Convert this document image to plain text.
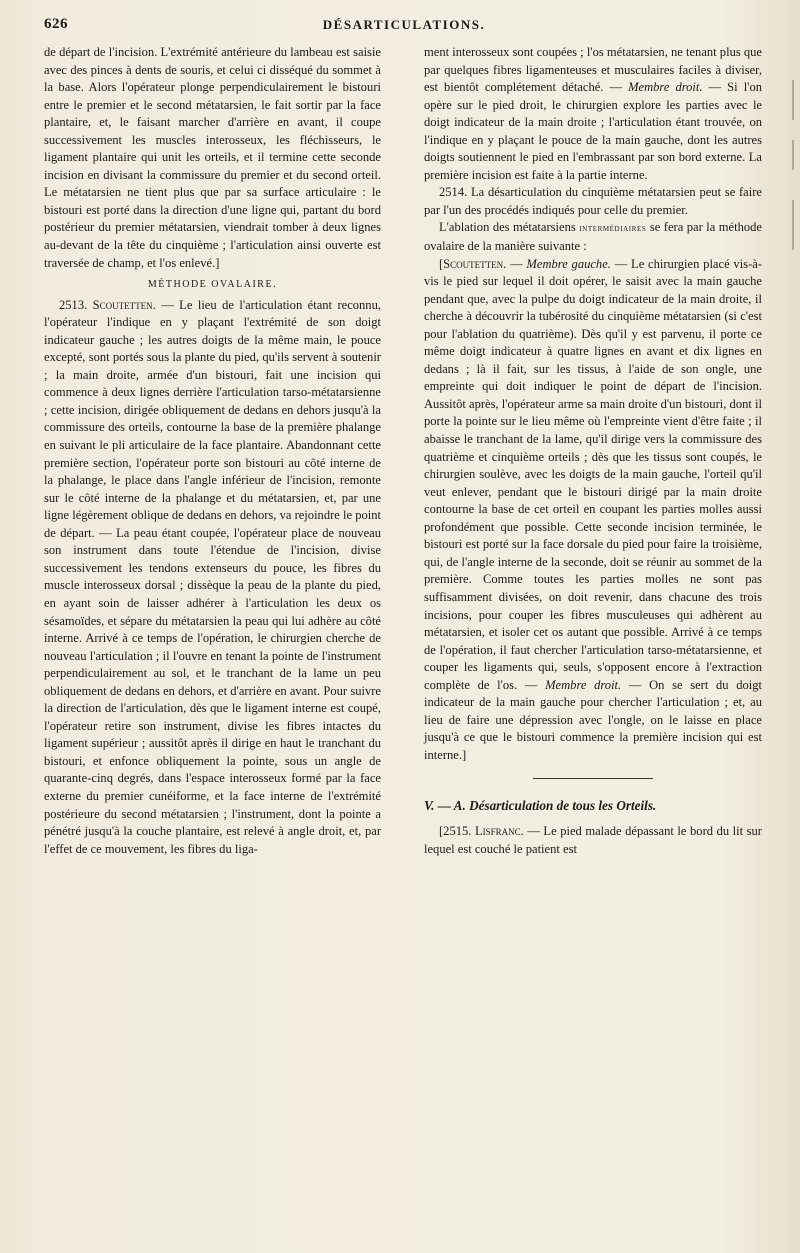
626	DÉSARTICULATIONS.

de départ de l'incision. L'extrémité antérieure du lambeau est saisie avec des pinces à dents de souris, et celui ci disséqué du sommet à la base. Alors l'opérateur plonge perpendiculairement le bistouri entre le premier et le second métatarsien, le fait sortir par la face plantaire, et, le faisant marcher d'arrière en avant, il coupe successivement les muscles interosseux, les fléchisseurs, le ligament plantaire qui unit les orteils, et il termine cette seconde incision en divisant la commissure du premier et du second orteil. Le métatarsien ne tient plus que par sa surface articulaire : le bistouri est porté dans la direction d'une ligne qui, partant du bord postérieur du premier métatarsien, viendrait tomber à deux lignes au-devant de la tête du cinquième ; l'articulation ainsi ouverte est traversée de champ, et l'os enlevé.]

MÉTHODE OVALAIRE.

2513. Scoutetten. — Le lieu de l'articulation étant reconnu, l'opérateur l'indique en y plaçant l'extrémité de son doigt indicateur gauche ; les autres doigts de la même main, le pouce excepté, sont portés sous la plante du pied, qu'ils servent à soutenir ; la main droite, armée d'un bistouri, fait une incision qui commence à deux lignes derrière l'articulation tarso-métatarsienne ; cette incision, dirigée obliquement de dedans en dehors jusqu'à la commissure des orteils, contourne la base de la première phalange en suivant le pli articulaire de la face plantaire. Abandonnant cette première section, l'opérateur porte son bistouri au côté interne de la phalange, le place dans l'angle inférieur de l'incision, remonte sur le côté interne de la phalange et du métatarsien, et, par une ligne légèrement oblique de dedans en dehors, va rejoindre le point de départ. — La peau étant coupée, l'opérateur place de nouveau son instrument dans toute l'étendue de l'incision, divise successivement les tendons extenseurs du pouce, les fibres du muscle interosseux dorsal ; dissèque la peau de la plante du pied, en ayant soin de laisser adhérer à l'articulation les deux os sésamoïdes, et sépare du métatarsien la peau qui lui adhère au côté interne. Arrivé à ce temps de l'opération, le chirurgien cherche de nouveau l'articulation ; il l'ouvre en tenant la pointe de l'instrument perpendiculairement au sol, et le tranchant de la lame un peu obliquement de dedans en dehors, et d'arrière en avant. Pour suivre la direction de l'articulation, dès que le ligament interne est coupé, l'opérateur retire son instrument, divise les fibres intactes du ligament supérieur ; aussitôt après il dirige en haut le tranchant du bistouri, et enfonce obliquement la pointe, sous un angle de quarante-cinq degrés, dans l'espace interosseux formé par la face externe du premier cunéiforme, et la face interne de l'extrémité postérieure du second métatarsien ; l'instrument, dont la pointe a pénétré jusqu'à la couche plantaire, est relevé à angle droit, et, par l'effet de ce mouvement, les fibres du liga-

ment interosseux sont coupées ; l'os métatarsien, ne tenant plus que par quelques fibres ligamenteuses et musculaires faciles à diviser, est bientôt complétement détaché. — Membre droit. — Si l'on opère sur le pied droit, le chirurgien explore les parties avec le doigt indicateur de la main droite ; l'articulation étant trouvée, on l'indique en y plaçant le pouce de la main gauche, dont les autres doigts soutiennent le pied en l'embrassant par son bord externe. La première incision est faite à la partie interne.

2514. La désarticulation du cinquième métatarsien peut se faire par l'un des procédés indiqués pour celle du premier.

L'ablation des métatarsiens intermédiaires se fera par la méthode ovalaire de la manière suivante :

[Scoutetten. — Membre gauche. — Le chirurgien placé vis-à-vis le pied sur lequel il doit opérer, le saisit avec la main gauche pendant que, avec la pulpe du doigt indicateur de la main droite, il cherche à découvrir la tubérosité du cinquième métatarsien (si c'est pour l'ablation du quatrième). Dès qu'il y est parvenu, il porte ce même doigt indicateur à quatre lignes en avant et dix lignes en dedans ; là il fait, sur les tissus, à l'aide de son ongle, une empreinte qui doit indiquer le point de départ de l'incision. Aussitôt après, l'opérateur arme sa main droite d'un bistouri, dont il porte la pointe sur le lieu même où l'empreinte vient d'être faite ; il abaisse le tranchant de la lame, qu'il dirige vers la commissure des quatrième et cinquième orteils ; dès que les tissus sont coupés, le chirurgien soulève, avec les doigts de la main gauche, l'orteil qu'il veut enlever, pendant que le bistouri dirigé par la main droite contourne la base de cet orteil en coupant les parties molles aussi profondément que possible. Cette seconde incision terminée, le bistouri est porté sur la face dorsale du pied pour faire la troisième, qui, de l'angle interne de la seconde, doit se réunir au sommet de la première. Comme toutes les parties molles ne sont pas suffisamment divisées, on doit revenir, dans chacune des trois incisions, pour couper les fibres musculeuses qui adhèrent au métatarsien, et isoler cet os autant que possible. Arrivé à ce temps de l'opération, il faut chercher l'articulation tarso-métatarsienne, et couper les ligaments qui, seuls, s'opposent encore à l'extraction complète de l'os. — Membre droit. — On se sert du doigt indicateur de la main gauche pour chercher l'articulation ; et, au lieu de faire une dépression avec l'ongle, on le laisse en place jusqu'à ce que le bistouri commence la première incision qui est interne.]

V. — A. Désarticulation de tous les Orteils.

[2515. Lisfranc. — Le pied malade dépassant le bord du lit sur lequel est couché le patient est
